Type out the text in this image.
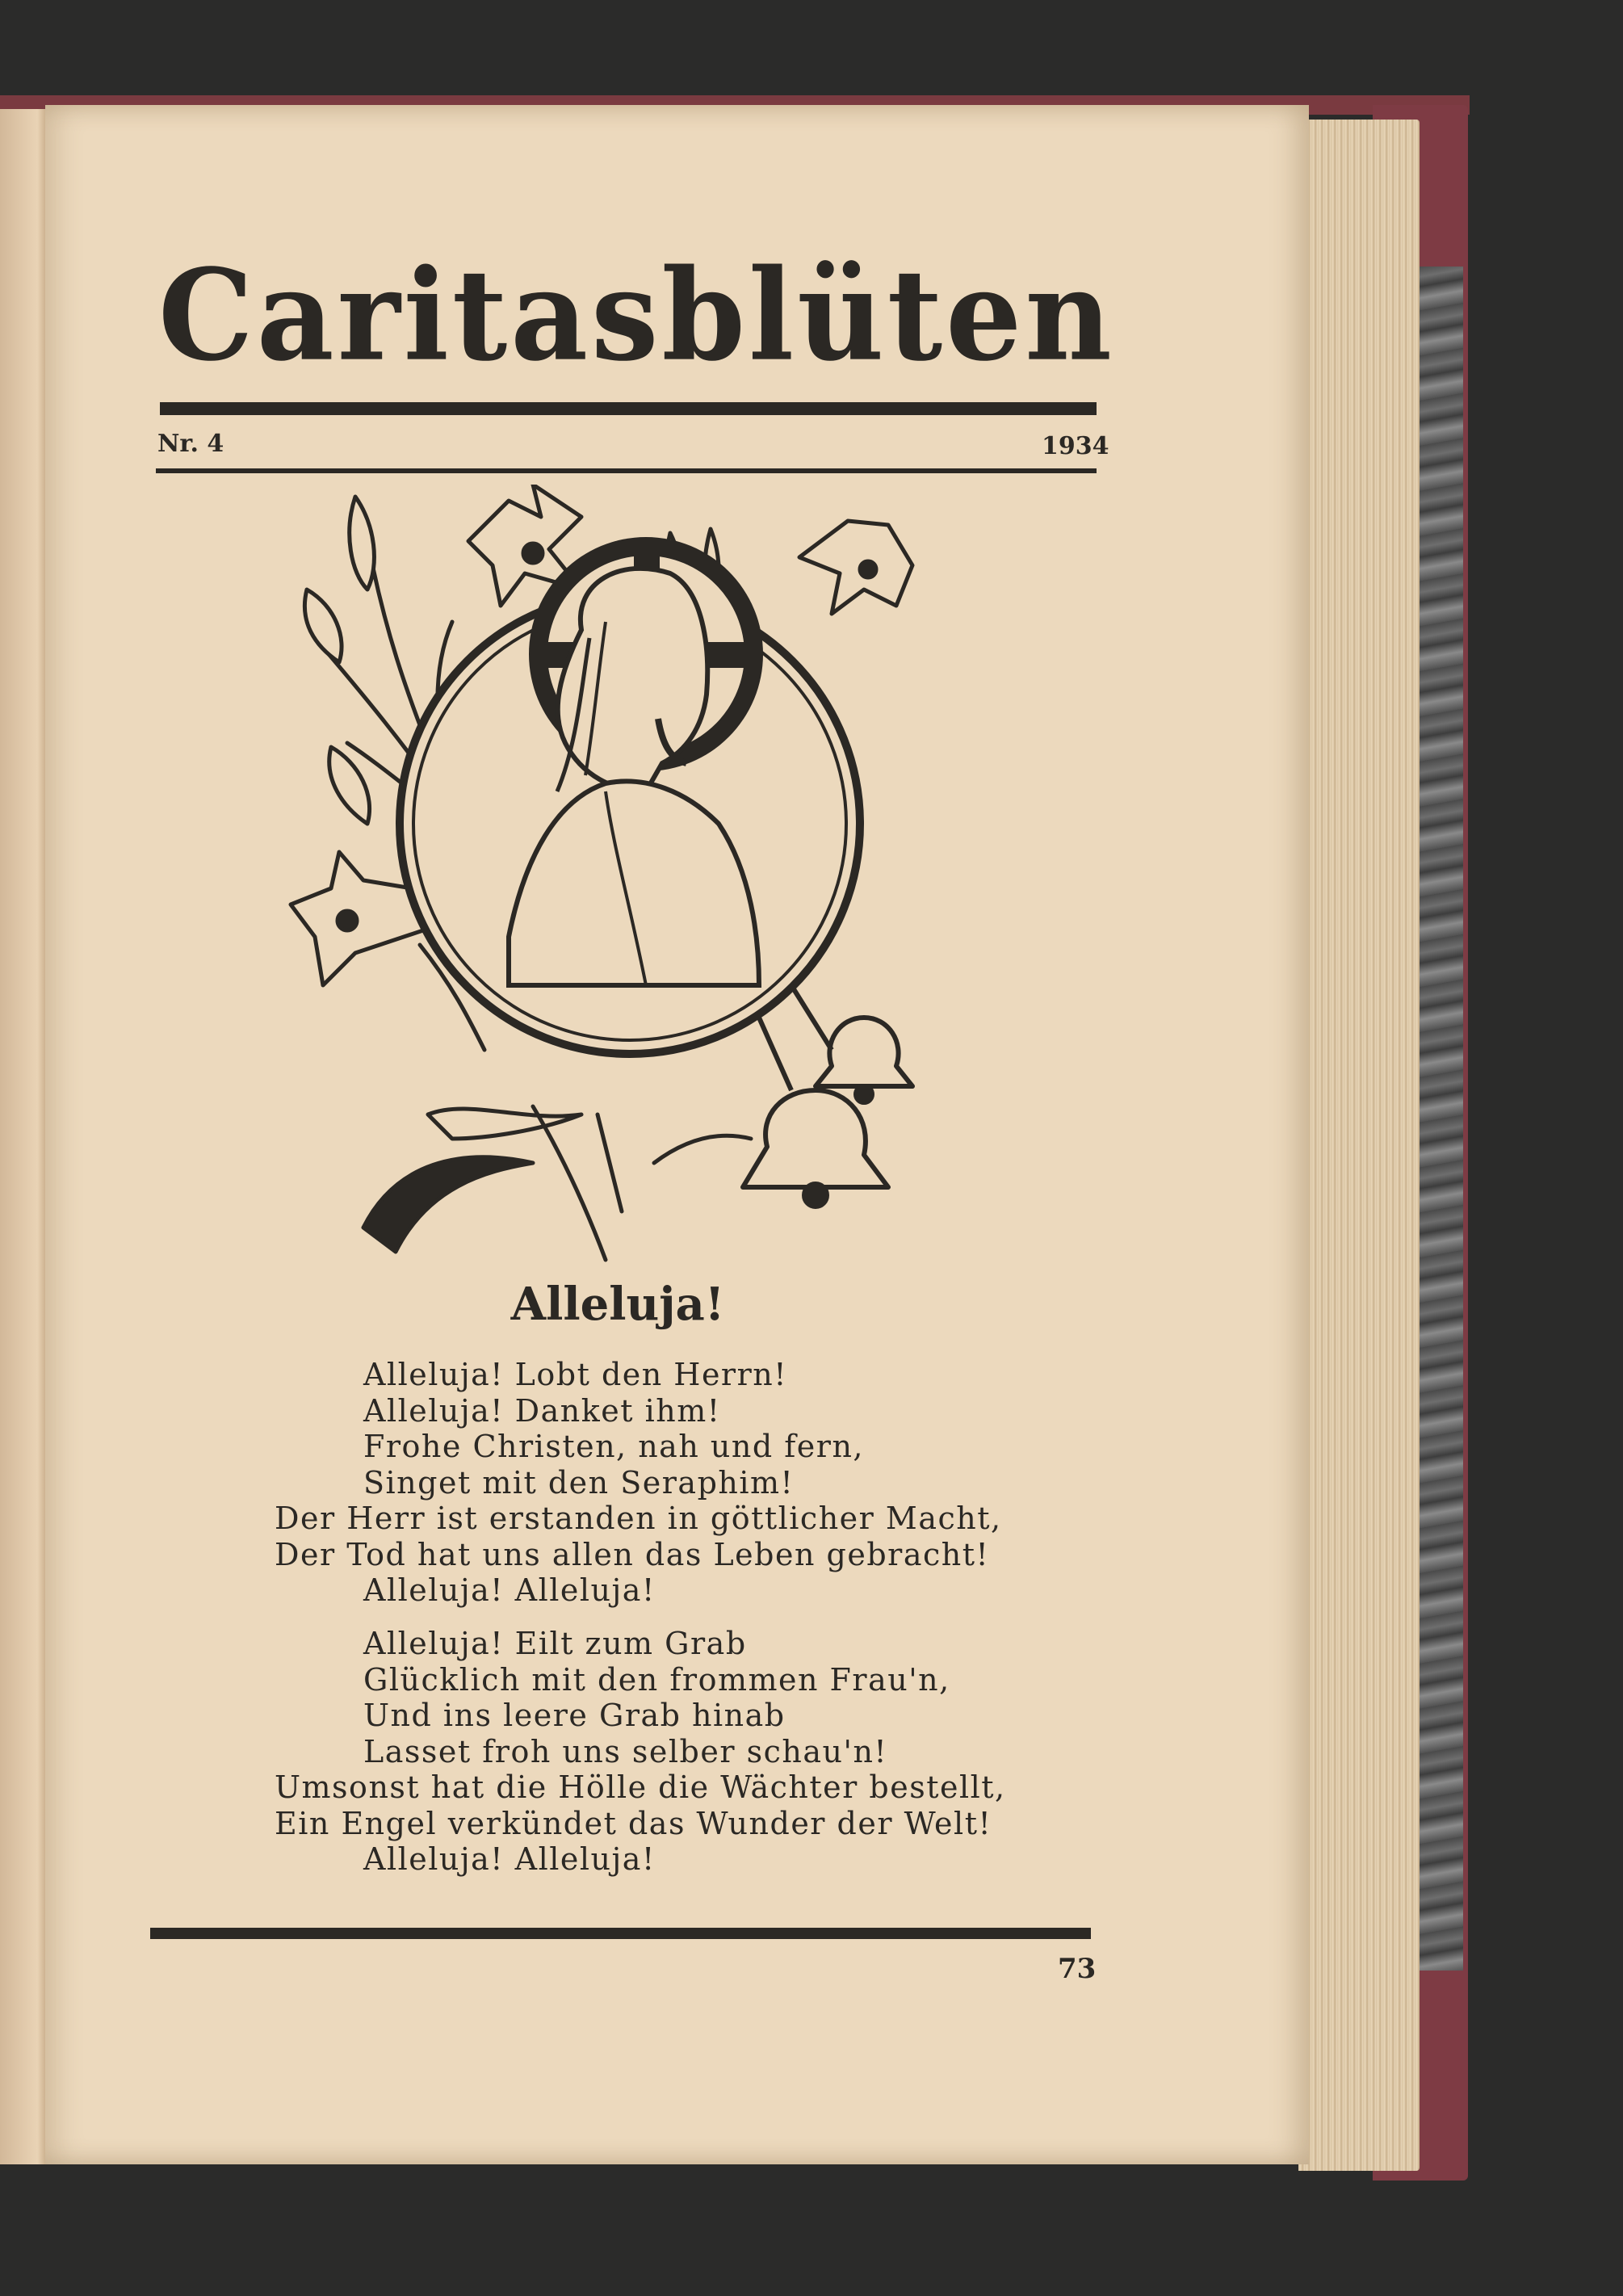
Caritasblüten
Nr. 4	1934
Alleluja!
Alleluja! Lobt den Herrn!
Alleluja! Danket ihm!
Frohe Christen, nah und fern,
Singet mit den Seraphim!
Der Herr ist erstanden in göttlicher Macht,
Der Tod hat uns allen das Leben gebracht!
Alleluja! Alleluja!
Alleluja! Eilt zum Grab
Glücklich mit den frommen Frau'n,
Und ins leere Grab hinab
Lasset froh uns selber schau'n!
Umsonst hat die Hölle die Wächter bestellt,
Ein Engel verkündet das Wunder der Welt!
Alleluja! Alleluja!
73
